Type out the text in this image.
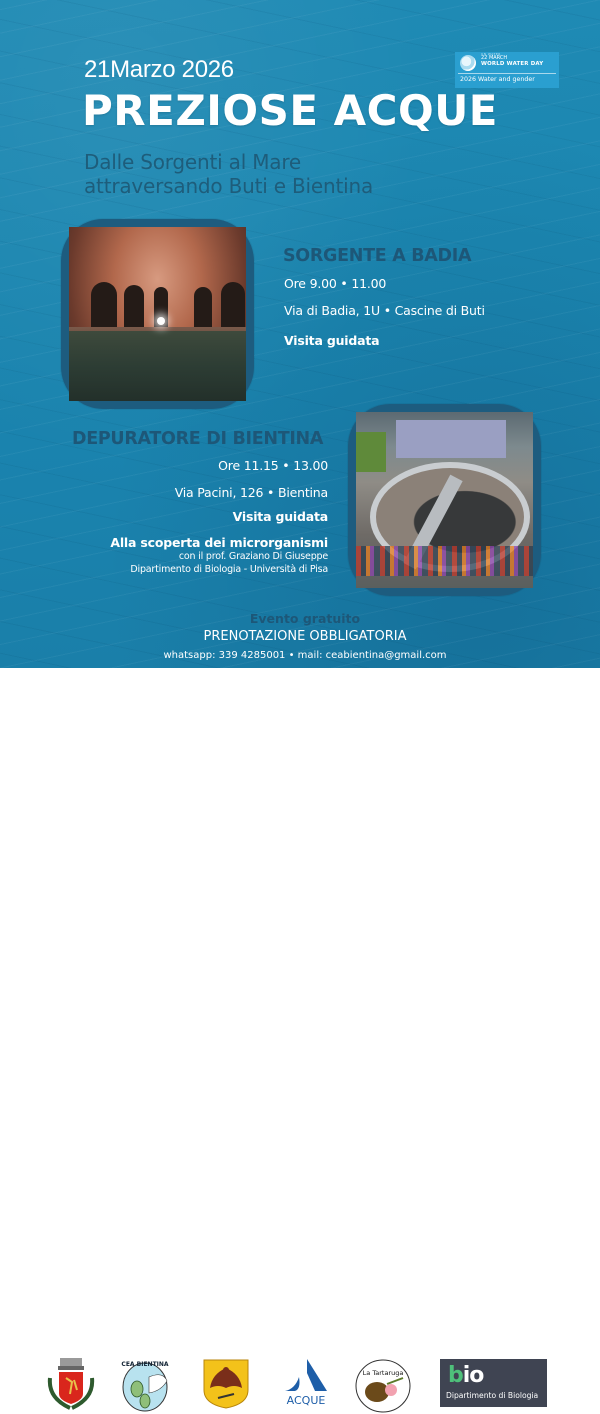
UN WATER
22 MARCH
WORLD WATER DAY
2026 Water and gender
21Marzo 2026
PREZIOSE ACQUE
Dalle Sorgenti al Mare
attraversando Buti e Bientina
SORGENTE A BADIA
Ore 9.00 • 11.00
Via di Badia, 1U • Cascine di Buti
Visita guidata
DEPURATORE DI BIENTINA
Ore 11.15 • 13.00
Via Pacini, 126 • Bientina
Visita guidata
Alla scoperta dei microrganismi
con il prof. Graziano Di Giuseppe
Dipartimento di Biologia - Università di Pisa
Evento gratuito
PRENOTAZIONE OBBLIGATORIA
whatsapp: 339 4285001 • mail: ceabientina@gmail.com
CEA BIENTINA
ACQUE
La Tartaruga bio
Dipartimento di Biologia
